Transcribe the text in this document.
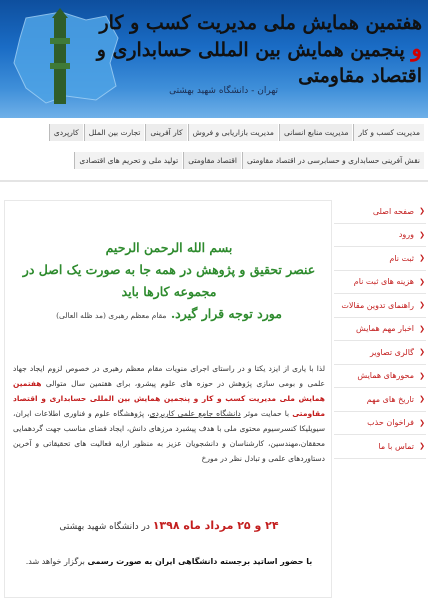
هفتمین همایش ملی مدیریت کسب و کار و پنجمین همایش بین المللی حسابداری و اقتصاد مقاومتی
تهران - دانشگاه شهید بهشتی
مدیریت کسب و کار
مدیریت منابع انسانی
مدیریت بازاریابی و فروش
کار آفرینی
تجارت بین الملل
کارپردی
نقش آفرینی حسابداری و حسابرسی در اقتصاد مقاومتی
اقتصاد مقاومتی
تولید ملی و تحریم های اقتصادی
❮
صفحه اصلی
❮
ورود
❮
ثبت نام
❮
هزینه های ثبت نام
❮
راهنمای تدوین مقالات
❮
اخبار مهم همایش
❮
گالری تصاویر
❮
محورهای همایش
❮
تاریخ های مهم
❮
فراخوان حذب
❮
تماس با ما
بسم الله الرحمن الرحیم
عنصر تحقیق و پژوهش در همه جا به صورت یک اصل در مجموعه کارها باید
مورد توجه قرار گیرد. مقام معظم رهبری (مد ظله العالی)
لذا با یاری از ایزد یکتا و در راستای اجرای منویات مقام معظم رهبری در خصوص لزوم ایجاد جهاد علمی و بومی سازی پژوهش در حوزه های علوم پیشرو، برای هفتمین سال متوالی هفتمین همایش ملی مدیریت کسب و کار و پنجمین همایش بین المللی حسابداری و اقتصاد مقاومتی با حمایت موثر دانشگاه جامع علمی کاربردی، پژوهشگاه علوم و فناوری اطلاعات ایران، سیویلیکا کنسرسیوم محتوی ملی با هدف پیشبرد مرزهای دانش، ایجاد فضای مناسب جهت گردهمایی محققان،مهندسین، کارشناسان و دانشجویان عزیز به منظور ارایه فعالیت های تحقیقاتی و آخرین دستاوردهای علمی و تبادل نظر در مورخ
۲۴ و ۲۵ مرداد ماه ۱۳۹۸ در دانشگاه شهید بهشتی
با حضور اساتید برجسته دانشگاهی ایران به صورت رسمی برگزار خواهد شد.
